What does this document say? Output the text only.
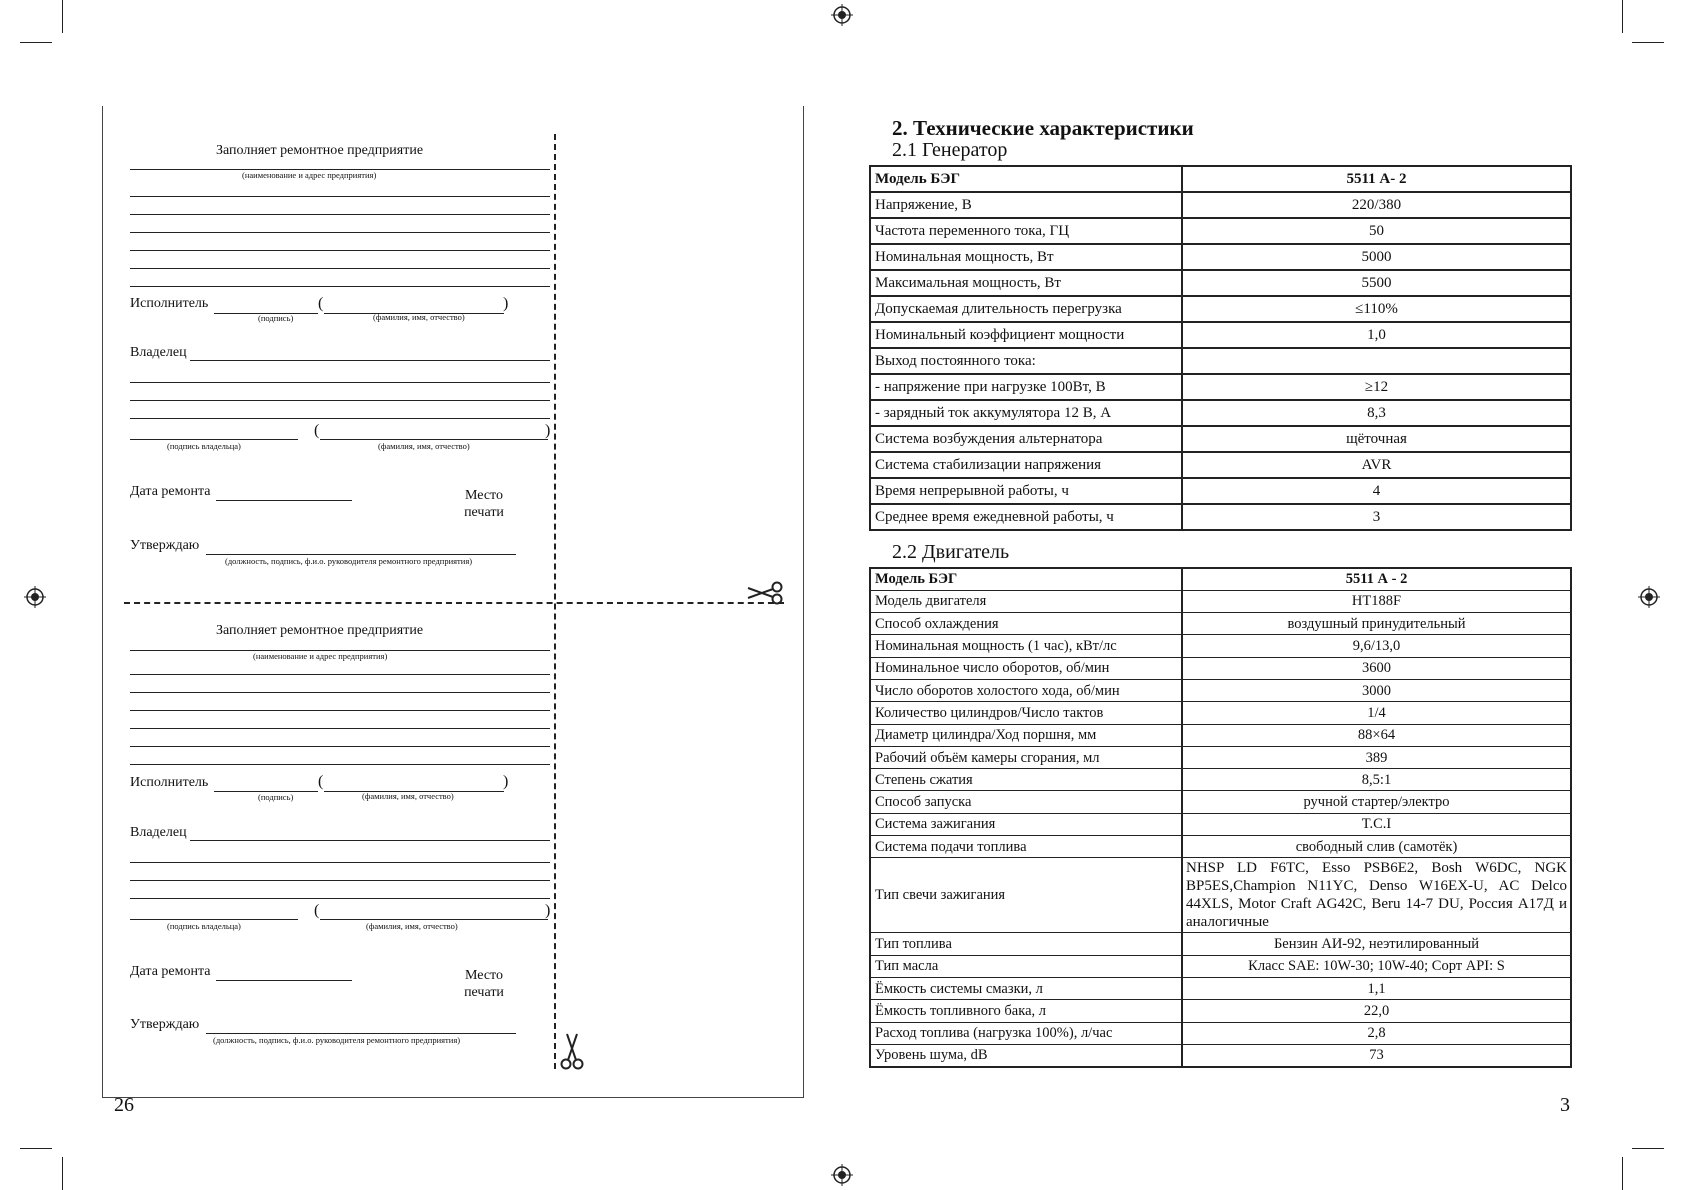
Заполняет ремонтное предприятие
(наименование и адрес предприятия)
Исполнитель	(	)
(подпись)	(фамилия, имя, отчество)
Владелец
(	)
(подпись владельца)	(фамилия, имя, отчество)
Дата ремонта	Место печати
Утверждаю
(должность, подпись, ф.и.о. руководителя ремонтного предприятия)
Заполняет ремонтное предприятие
(наименование и адрес предприятия)
Исполнитель	(	)
(подпись)	(фамилия, имя, отчество)
Владелец
(	)
(подпись владельца)	(фамилия, имя, отчество)
Дата ремонта	Место печати
Утверждаю
(должность, подпись, ф.и.о. руководителя ремонтного предприятия)
26
2. Технические характеристики
2.1 Генератор
Модель БЭГ	5511 А- 2
Напряжение, В	220/380
Частота переменного тока, ГЦ	50
Номинальная мощность, Вт	5000
Максимальная мощность, Вт	5500
Допускаемая длительность перегрузка	≤110%
Номинальный коэффициент мощности	1,0
Выход постоянного тока:	
- напряжение при нагрузке 100Вт, В	≥12
- зарядный ток аккумулятора 12 В, А	8,3
Система возбуждения альтернатора	щёточная
Система стабилизации напряжения	AVR
Время непрерывной работы, ч	4
Среднее время ежедневной работы, ч	3
2.2 Двигатель
Модель БЭГ	5511 А - 2
Модель двигателя	HT188F
Способ охлаждения	воздушный принудительный
Номинальная мощность (1 час), кВт/лс	9,6/13,0
Номинальное число оборотов, об/мин	3600
Число оборотов холостого хода, об/мин	3000
Количество цилиндров/Число тактов	1/4
Диаметр цилиндра/Ход поршня, мм	88×64
Рабочий объём камеры сгорания, мл	389
Степень сжатия	8,5:1
Способ запуска	ручной стартер/электро
Система зажигания	T.C.I
Система подачи топлива	свободный слив (самотёк)
Тип свечи зажигания	NHSP LD F6TC, Esso PSB6E2, Bosh W6DC, NGK BP5ES,Champion N11YC, Denso W16EX-U, AC Delco 44XLS, Motor Craft AG42C, Beru 14-7 DU, Россия А17Д и аналогичные
Тип топлива	Бензин АИ-92, неэтилированный
Тип масла	Класс SAE: 10W-30; 10W-40; Сорт API: S
Ёмкость системы смазки, л	1,1
Ёмкость топливного бака, л	22,0
Расход топлива (нагрузка 100%), л/час	2,8
Уровень шума, dB	73
3
